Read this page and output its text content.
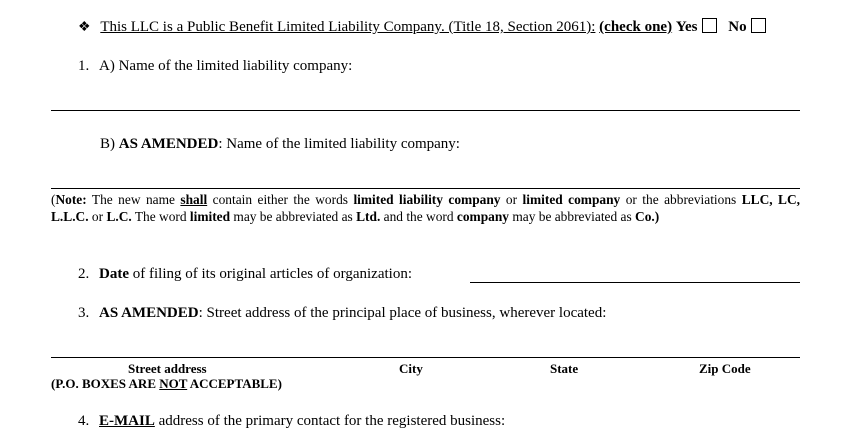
❖ This LLC is a Public Benefit Limited Liability Company. (Title 18, Section 2061): (check one) Yes No
1. A) Name of the limited liability company:
B) AS AMENDED: Name of the limited liability company:
(Note: The new name shall contain either the words limited liability company or limited company or the abbreviations LLC, LC, L.L.C. or L.C. The word limited may be abbreviated as Ltd. and the word company may be abbreviated as Co.)
2. Date of filing of its original articles of organization:
3. AS AMENDED: Street address of the principal place of business, wherever located:
Street address
(P.O. BOXES ARE NOT ACCEPTABLE)
City	State	Zip Code
4. E-MAIL address of the primary contact for the registered business:
